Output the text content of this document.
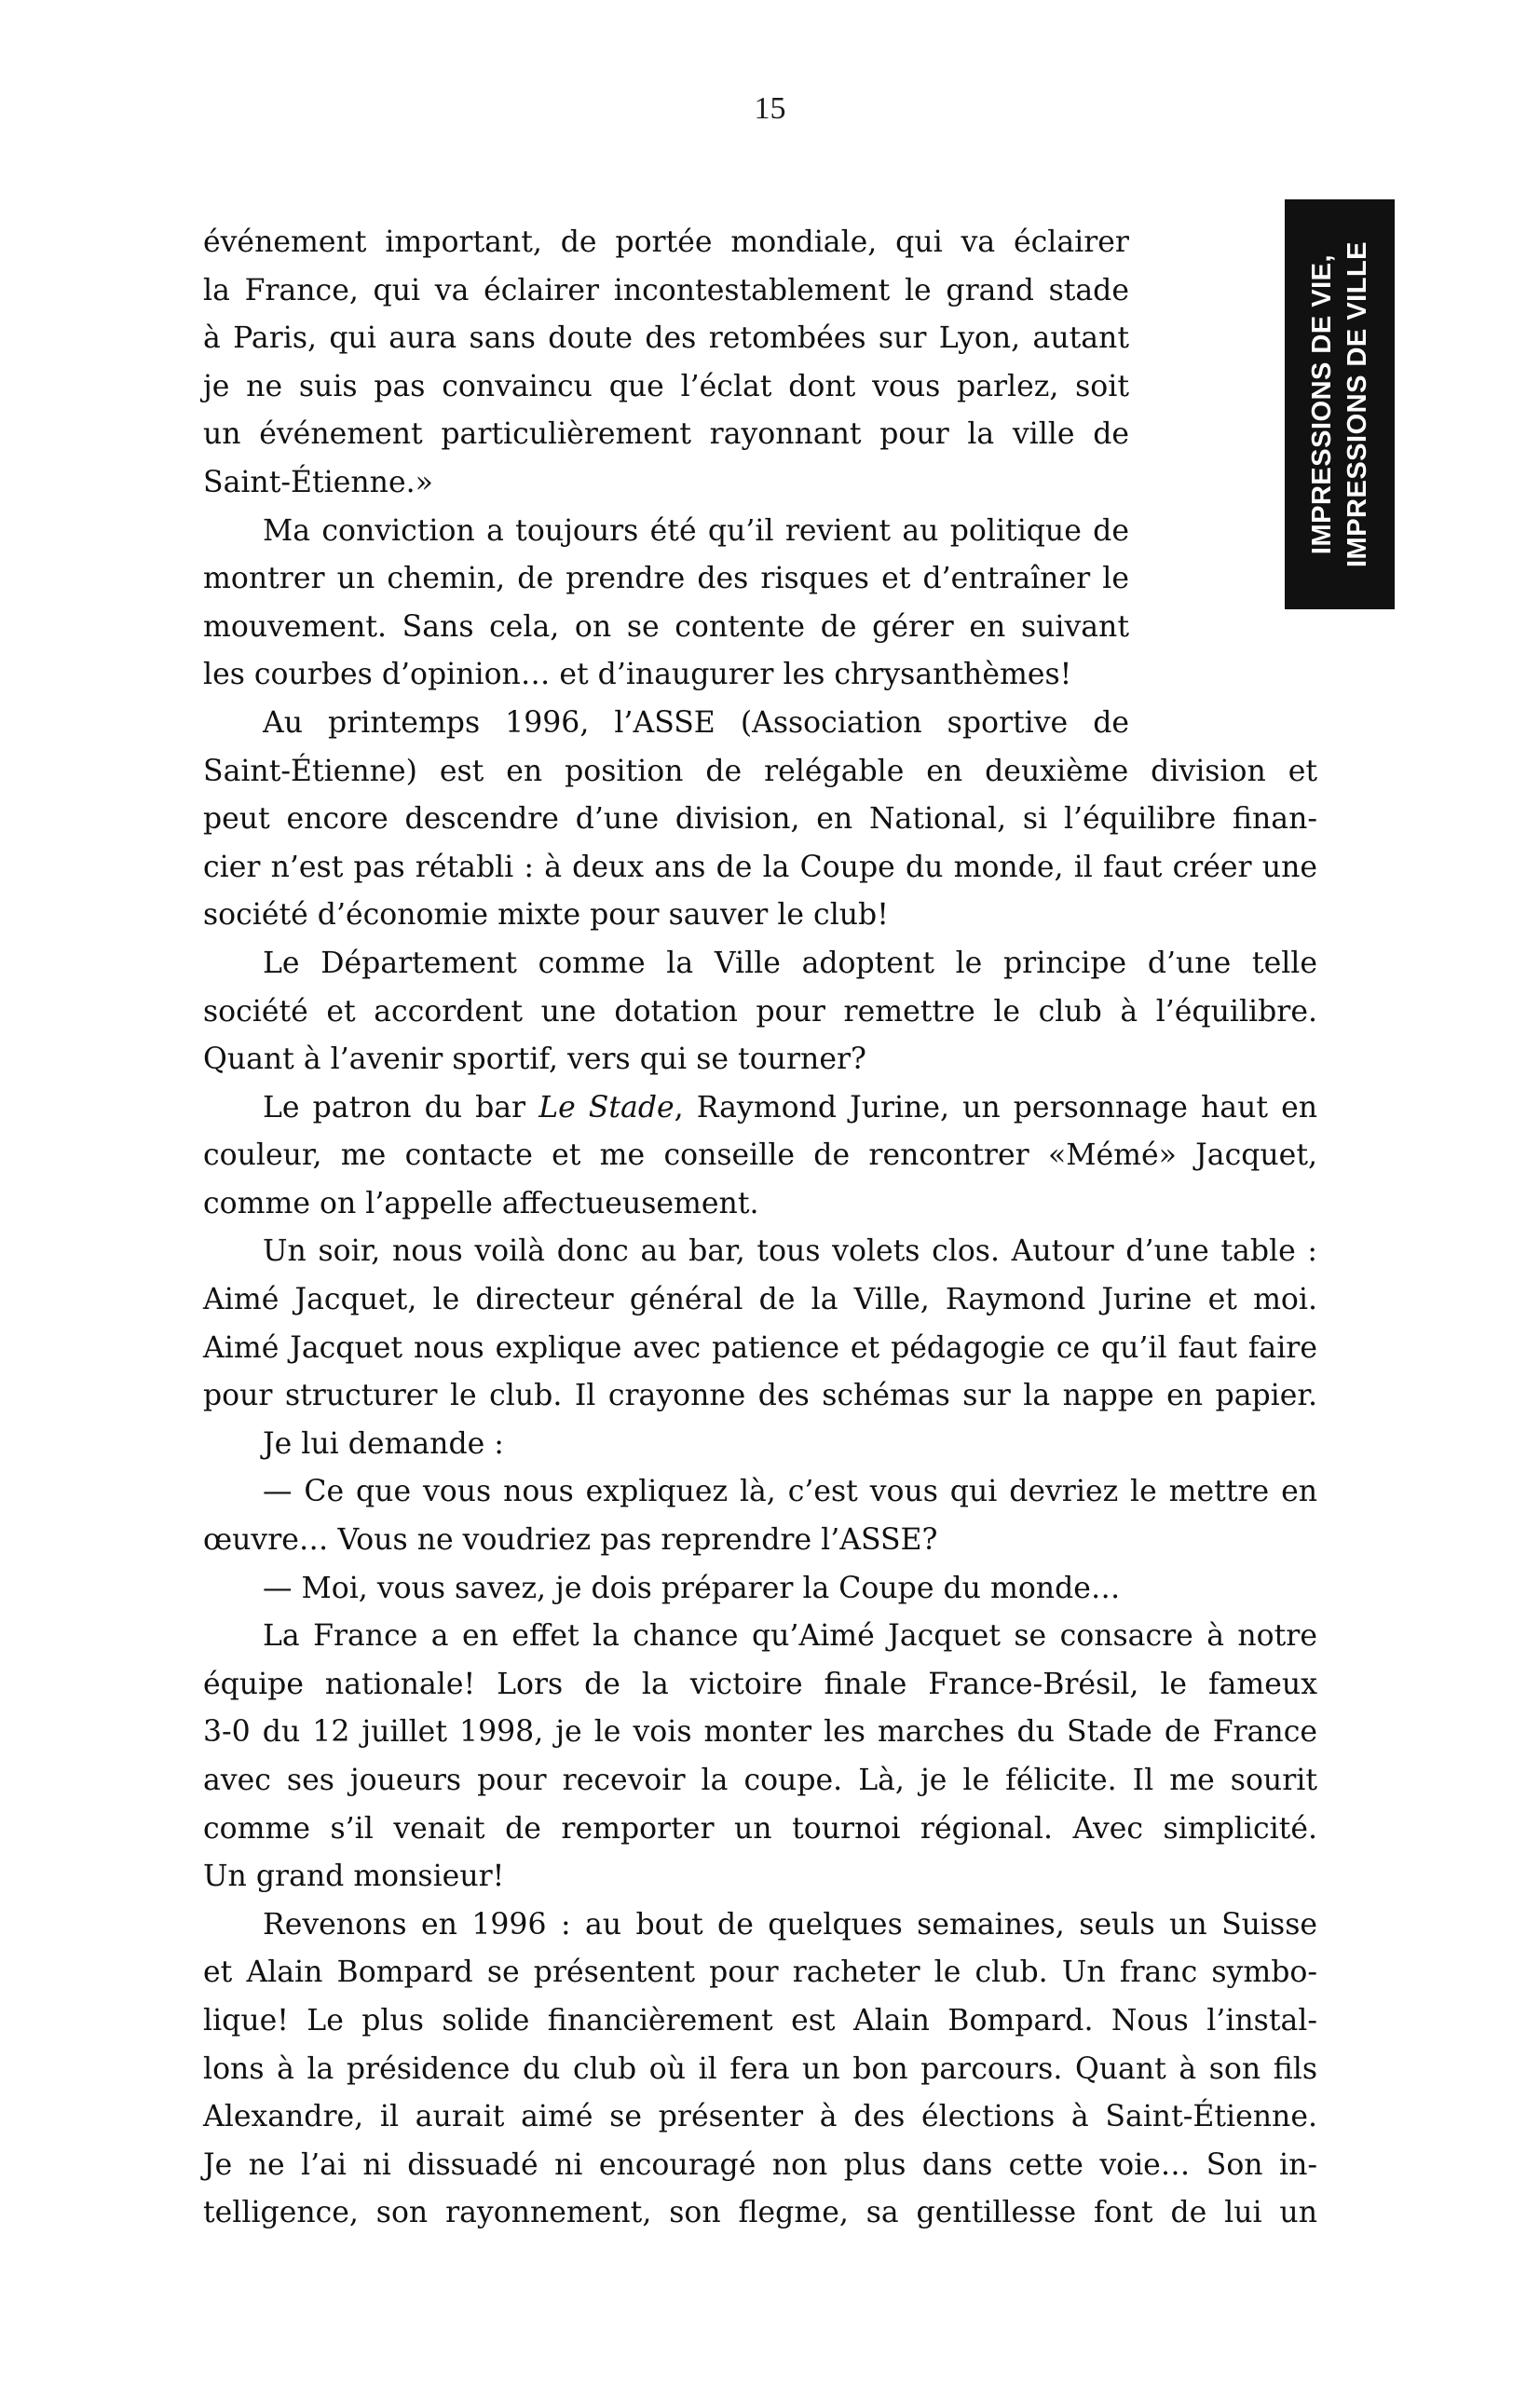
15
IMPRESSIONS DE VIE, IMPRESSIONS DE VILLE
événement important, de portée mondiale, qui va éclairer
la France, qui va éclairer incontestablement le grand stade
à Paris, qui aura sans doute des retombées sur Lyon, autant
je ne suis pas convaincu que l’éclat dont vous parlez, soit
un événement particulièrement rayonnant pour la ville de
Saint-Étienne.»
Ma conviction a toujours été qu’il revient au politique de
montrer un chemin, de prendre des risques et d’entraîner le
mouvement. Sans cela, on se contente de gérer en suivant
les courbes d’opinion… et d’inaugurer les chrysanthèmes!
Au printemps 1996, l’ASSE (Association sportive de
Saint-Étienne) est en position de relégable en deuxième division et
peut encore descendre d’une division, en National, si l’équilibre finan-
cier n’est pas rétabli : à deux ans de la Coupe du monde, il faut créer une
société d’économie mixte pour sauver le club!
Le Département comme la Ville adoptent le principe d’une telle
société et accordent une dotation pour remettre le club à l’équilibre.
Quant à l’avenir sportif, vers qui se tourner?
Le patron du bar Le Stade, Raymond Jurine, un personnage haut en
couleur, me contacte et me conseille de rencontrer «Mémé» Jacquet,
comme on l’appelle affectueusement.
Un soir, nous voilà donc au bar, tous volets clos. Autour d’une table :
Aimé Jacquet, le directeur général de la Ville, Raymond Jurine et moi.
Aimé Jacquet nous explique avec patience et pédagogie ce qu’il faut faire
pour structurer le club. Il crayonne des schémas sur la nappe en papier.
Je lui demande :
— Ce que vous nous expliquez là, c’est vous qui devriez le mettre en
œuvre… Vous ne voudriez pas reprendre l’ASSE?
— Moi, vous savez, je dois préparer la Coupe du monde…
La France a en effet la chance qu’Aimé Jacquet se consacre à notre
équipe nationale! Lors de la victoire finale France-Brésil, le fameux
3-0 du 12 juillet 1998, je le vois monter les marches du Stade de France
avec ses joueurs pour recevoir la coupe. Là, je le félicite. Il me sourit
comme s’il venait de remporter un tournoi régional. Avec simplicité.
Un grand monsieur!
Revenons en 1996 : au bout de quelques semaines, seuls un Suisse
et Alain Bompard se présentent pour racheter le club. Un franc symbo-
lique! Le plus solide financièrement est Alain Bompard. Nous l’instal-
lons à la présidence du club où il fera un bon parcours. Quant à son fils
Alexandre, il aurait aimé se présenter à des élections à Saint-Étienne.
Je ne l’ai ni dissuadé ni encouragé non plus dans cette voie… Son in-
telligence, son rayonnement, son flegme, sa gentillesse font de lui un
